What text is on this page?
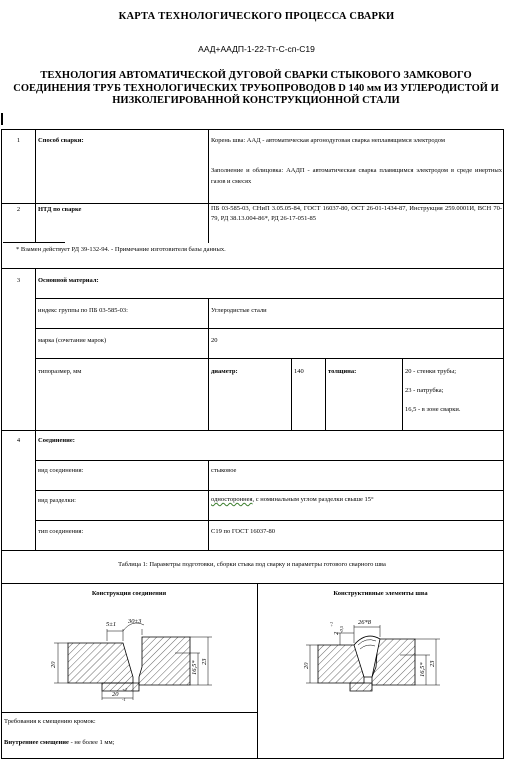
КАРТА ТЕХНОЛОГИЧЕСКОГО ПРОЦЕССА СВАРКИ
ААД+ААДП-1-22-Тт-С-сп-С19
ТЕХНОЛОГИЯ АВТОМАТИЧЕСКОЙ ДУГОВОЙ СВАРКИ СТЫКОВОГО ЗАМКОВОГО СОЕДИНЕНИЯ ТРУБ ТЕХНОЛОГИЧЕСКИХ ТРУБОПРОВОДОВ D 140 мм ИЗ УГЛЕРОДИСТОЙ И НИЗКОЛЕГИРОВАННОЙ КОНСТРУКЦИОННОЙ СТАЛИ
1	Способ сварки:	Корень шва: ААД - автоматическая аргонодуговая сварка неплавящимся электродом
Заполнение и облицовка: ААДП - автоматическая сварка плавящимся электродом в среде инертных газов и смесях
2	НТД по сварке	ПБ 03-585-03, СНиП 3.05.05-84, ГОСТ 16037-80, ОСТ 26-01-1434-87, Инструкция 259.0001И, ВСН 70-79, РД 38.13.004-86*, РД 26-17-051-85
* Взамен действует РД 39-132-94. - Примечание изготовителя базы данных.
3	Основной материал:
индекс группы по ПБ 03-585-03:	Углеродистые стали
марка (сочетание марок)	20
типоразмер, мм	диаметр:	140	толщина:	20 - стенки трубы;
23 - патрубка;
16,5 - в зоне сварки.
4	Соединение:
вид соединения:	стыковое
вид разделки:	одностороннея, с номинальным углом разделки свыше 15°
тип соединения:	С19 по ГОСТ 16037-80
Таблица 1: Параметры подготовки, сборки стыка под сварку и параметры готового сварного шва
Конструкция соединения	Конструктивные элементы шва
5±1 30±3
16,5* 23
20
20
+2
-1
26*8
2
+1
-0,5
16,5* 23
20
Требования к смещению кромок:
Внутреннее смещение - не более 1 мм;
